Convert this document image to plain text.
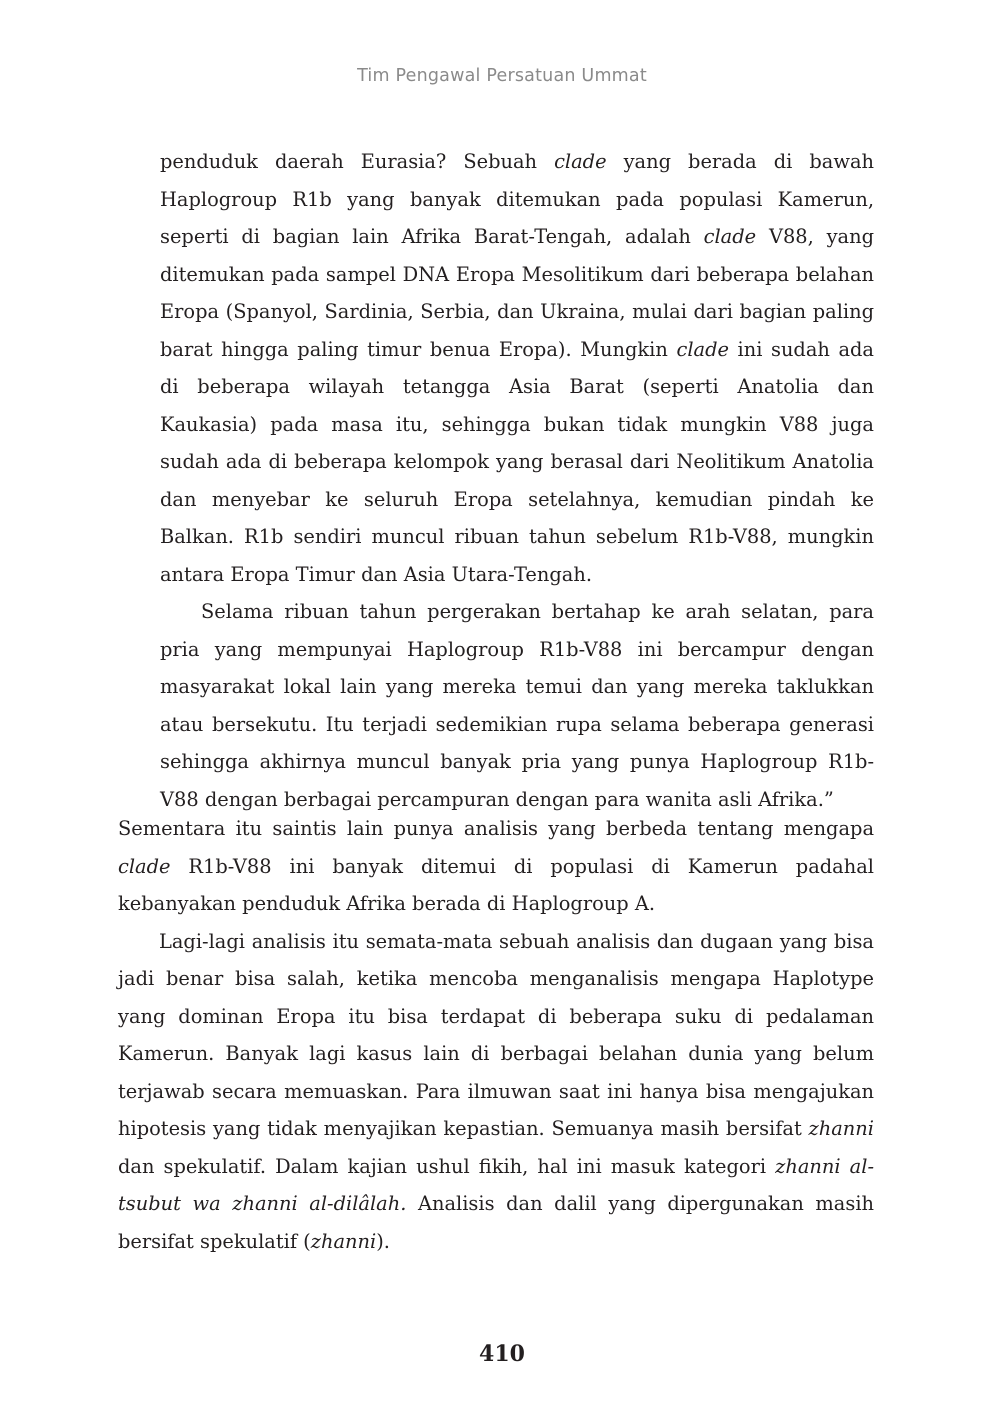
Tim Pengawal Persatuan Ummat

penduduk daerah Eurasia? Sebuah clade yang berada di bawah Haplogroup R1b yang banyak ditemukan pada populasi Kamerun, seperti di bagian lain Afrika Barat-Tengah, adalah clade V88, yang ditemukan pada sampel DNA Eropa Mesolitikum dari beberapa belahan Eropa (Spanyol, Sardinia, Serbia, dan Ukraina, mulai dari bagian paling barat hingga paling timur benua Eropa). Mungkin clade ini sudah ada di beberapa wilayah tetangga Asia Barat (seperti Anatolia dan Kaukasia) pada masa itu, sehingga bukan tidak mungkin V88 juga sudah ada di beberapa kelompok yang berasal dari Neolitikum Anatolia dan menyebar ke seluruh Eropa setelahnya, kemudian pindah ke Balkan. R1b sendiri muncul ribuan tahun sebelum R1b-V88, mungkin antara Eropa Timur dan Asia Utara-Tengah.

Selama ribuan tahun pergerakan bertahap ke arah selatan, para pria yang mempunyai Haplogroup R1b-V88 ini bercampur dengan masyarakat lokal lain yang mereka temui dan yang mereka taklukkan atau bersekutu. Itu terjadi sedemikian rupa selama beberapa generasi sehingga akhirnya muncul banyak pria yang punya Haplogroup R1b- V88 dengan berbagai percampuran dengan para wanita asli Afrika.”

Sementara itu saintis lain punya analisis yang berbeda tentang mengapa clade R1b-V88 ini banyak ditemui di populasi di Kamerun padahal kebanyakan penduduk Afrika berada di Haplogroup A.

Lagi-lagi analisis itu semata-mata sebuah analisis dan dugaan yang bisa jadi benar bisa salah, ketika mencoba menganalisis mengapa Haplotype yang dominan Eropa itu bisa terdapat di beberapa suku di pedalaman Kamerun. Banyak lagi kasus lain di berbagai belahan dunia yang belum terjawab secara memuaskan. Para ilmuwan saat ini hanya bisa mengajukan hipotesis yang tidak menyajikan kepastian. Semuanya masih bersifat zhanni dan spekulatif. Dalam kajian ushul fikih, hal ini masuk kategori zhanni al-tsubut wa zhanni al-dilâlah. Analisis dan dalil yang dipergunakan masih bersifat spekulatif (zhanni).

410
